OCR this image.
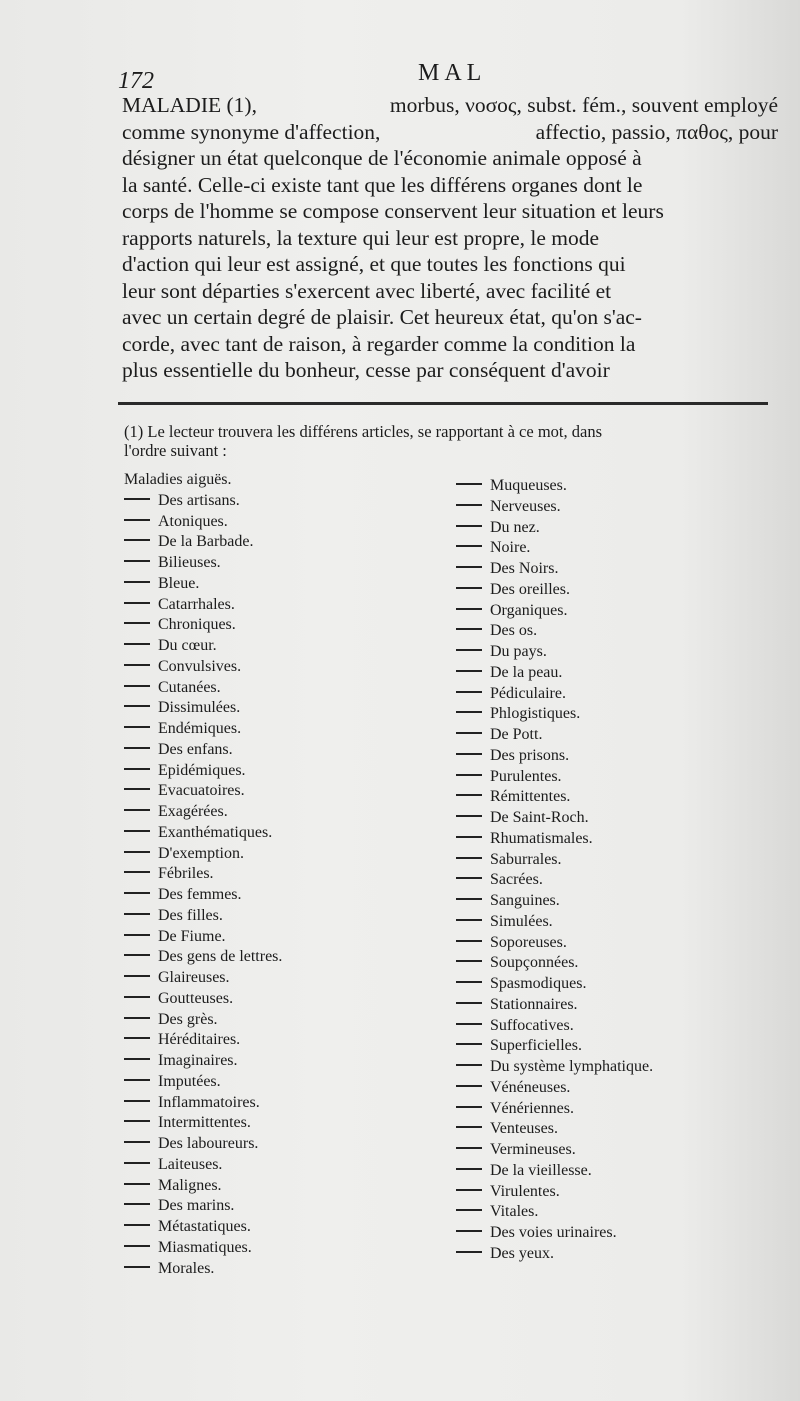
172	MAL
MALADIE (1),	morbus, νοσος, subst. fém., souvent employé
comme synonyme d'affection,	affectio, passio, παθος, pour
désigner un état quelconque de l'économie animale opposé à
la santé. Celle-ci existe tant que les différens organes dont le
corps de l'homme se compose conservent leur situation et leurs
rapports naturels, la texture qui leur est propre, le mode
d'action qui leur est assigné, et que toutes les fonctions qui
leur sont départies s'exercent avec liberté, avec facilité et
avec un certain degré de plaisir. Cet heureux état, qu'on s'ac-
corde, avec tant de raison, à regarder comme la condition la
plus essentielle du bonheur, cesse par conséquent d'avoir
(1) Le lecteur trouvera les différens articles, se rapportant à ce mot, dans
l'ordre suivant :
Maladies aiguës.
Des artisans.
Atoniques.
De la Barbade.
Bilieuses.
Bleue.
Catarrhales.
Chroniques.
Du cœur.
Convulsives.
Cutanées.
Dissimulées.
Endémiques.
Des enfans.
Epidémiques.
Evacuatoires.
Exagérées.
Exanthématiques.
D'exemption.
Fébriles.
Des femmes.
Des filles.
De Fiume.
Des gens de lettres.
Glaireuses.
Goutteuses.
Des grès.
Héréditaires.
Imaginaires.
Imputées.
Inflammatoires.
Intermittentes.
Des laboureurs.
Laiteuses.
Malignes.
Des marins.
Métastatiques.
Miasmatiques.
Morales.
Muqueuses.
Nerveuses.
Du nez.
Noire.
Des Noirs.
Des oreilles.
Organiques.
Des os.
Du pays.
De la peau.
Pédiculaire.
Phlogistiques.
De Pott.
Des prisons.
Purulentes.
Rémittentes.
De Saint-Roch.
Rhumatismales.
Saburrales.
Sacrées.
Sanguines.
Simulées.
Soporeuses.
Soupçonnées.
Spasmodiques.
Stationnaires.
Suffocatives.
Superficielles.
Du système lymphatique.
Vénéneuses.
Vénériennes.
Venteuses.
Vermineuses.
De la vieillesse.
Virulentes.
Vitales.
Des voies urinaires.
Des yeux.
